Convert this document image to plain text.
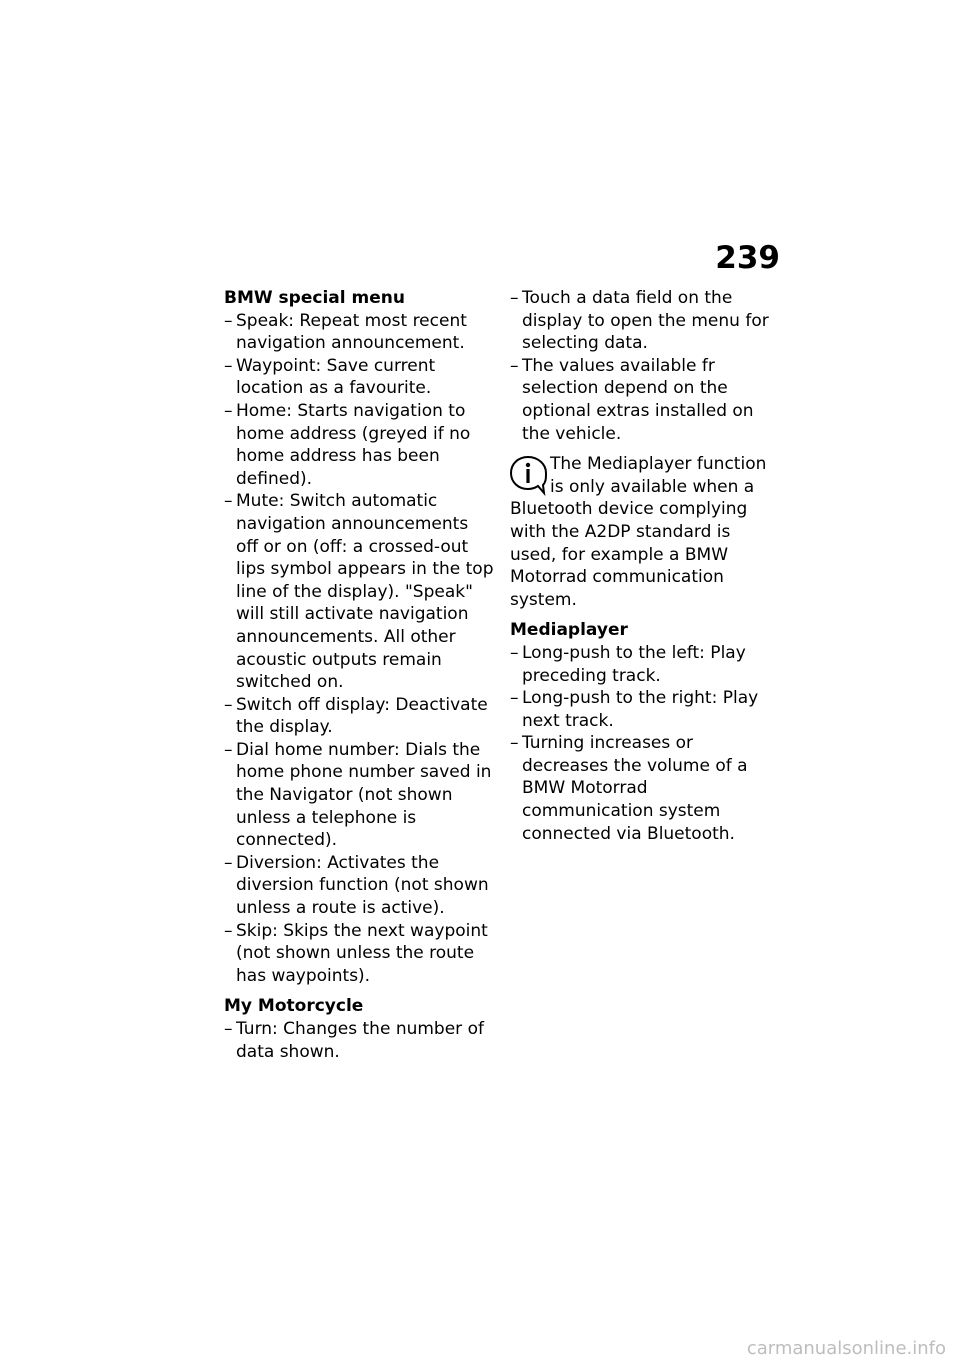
239
BMW special menu
– Speak: Repeat most recent navigation announcement.
– Waypoint: Save current location as a favourite.
– Home: Starts navigation to home address (greyed if no home address has been defined).
– Mute: Switch automatic navigation announcements off or on (off: a crossed-out lips symbol appears in the top line of the display). "Speak" will still activate navigation announcements. All other acoustic outputs remain switched on.
– Switch off display: Deactivate the display.
– Dial home number: Dials the home phone number saved in the Navigator (not shown unless a telephone is connected).
– Diversion: Activates the diversion function (not shown unless a route is active).
– Skip: Skips the next waypoint (not shown unless the route has waypoints).
My Motorcycle
– Turn: Changes the number of data shown.
– Touch a data field on the display to open the menu for selecting data.
– The values available fr selection depend on the optional extras installed on the vehicle.

The Mediaplayer function is only available when a Bluetooth device complying with the A2DP standard is used, for example a BMW Motorrad communication system.

Mediaplayer
– Long-push to the left: Play preceding track.
– Long-push to the right: Play next track.
– Turning increases or decreases the volume of a BMW Motorrad communication system connected via Bluetooth.
carmanualsonline.info
